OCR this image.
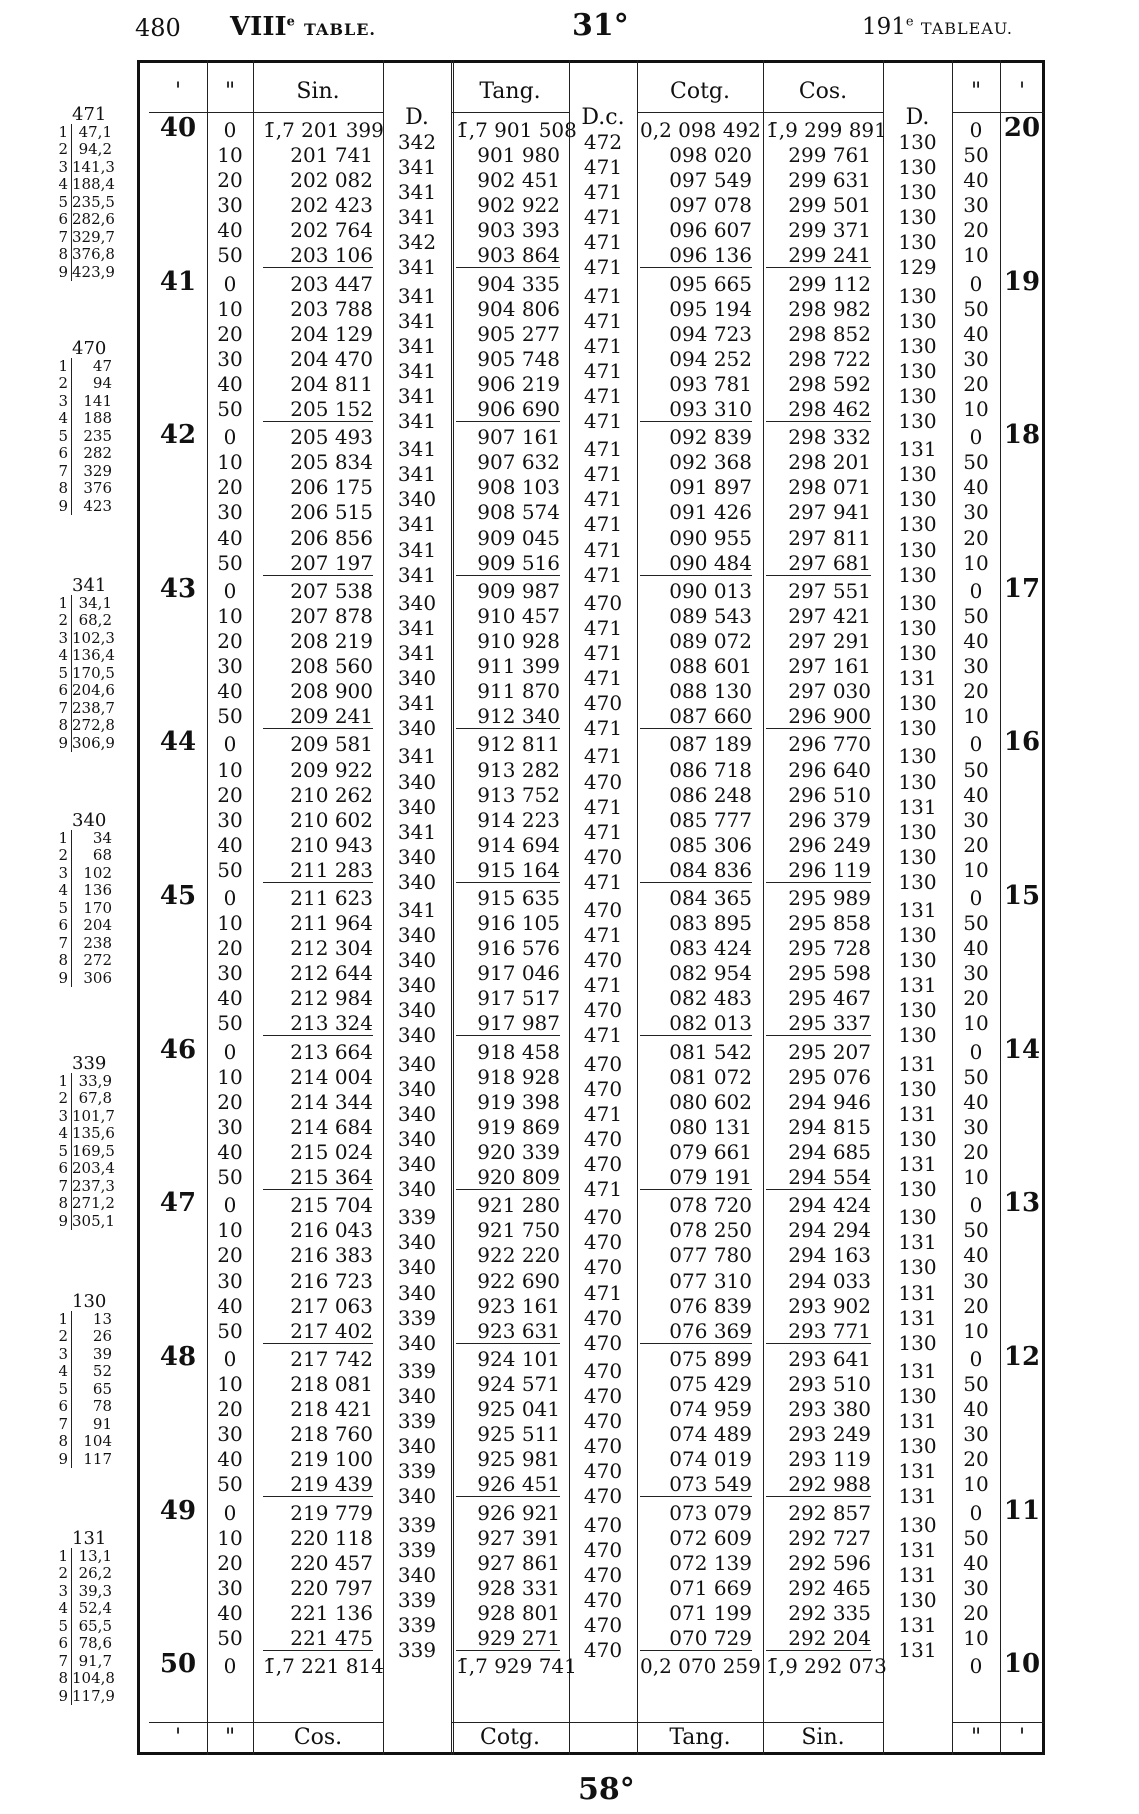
480 VIIIe TABLE.	31°	191e TABLEAU.
'	"	Sin.
D.
Tang.
D.c.
Cotg.	Cos.
D.
"	'
'	"	Cos.	Cotg.	Tang.	Sin.	"	'
40	0	1̄,7 201 399 342 1̄,7 901 508 472 0,2 098 492 1̄,9 299 891 130	0 20
10	201 741	341	901 980	471	098 020	299 761	130	50
20	202 082	341	902 451	471	097 549	299 631	130	40
30	202 423	341	902 922	471	097 078	299 501	130	30
40	202 764	342	903 393	471	096 607	299 371	130	20
50	203 106	341	903 864	471	096 136	299 241	129	10
41	0	203 447	341	904 335	471	095 665	299 112	130	0 19
10	203 788	341	904 806	471	095 194	298 982	130	50
20	204 129	341	905 277	471	094 723	298 852	130	40
30	204 470	341	905 748	471	094 252	298 722	130	30
40	204 811	341	906 219	471	093 781	298 592	130	20
50	205 152	341	906 690	471	093 310	298 462	130	10
42	0	205 493	341	907 161	471	092 839	298 332	131	0 18
10	205 834	341	907 632	471	092 368	298 201	130	50
20	206 175	340	908 103	471	091 897	298 071	130	40
30	206 515	341	908 574	471	091 426	297 941	130	30
40	206 856	341	909 045	471	090 955	297 811	130	20
50	207 197	341	909 516	471	090 484	297 681	130	10
43	0	207 538	340	909 987	470	090 013	297 551	130	0 17
10	207 878	341	910 457	471	089 543	297 421	130	50
20	208 219	341	910 928	471	089 072	297 291	130	40
30	208 560	340	911 399	471	088 601	297 161	131	30
40	208 900	341	911 870	470	088 130	297 030	130	20
50	209 241	340	912 340	471	087 660	296 900	130	10
44	0	209 581	341	912 811	471	087 189	296 770	130	0 16
10	209 922	340	913 282	470	086 718	296 640	130	50
20	210 262	340	913 752	471	086 248	296 510	131	40
30	210 602	341	914 223	471	085 777	296 379	130	30
40	210 943	340	914 694	470	085 306	296 249	130	20
50	211 283	340	915 164	471	084 836	296 119	130	10
45	0	211 623	341	915 635	470	084 365	295 989	131	0 15
10	211 964	340	916 105	471	083 895	295 858	130	50
20	212 304	340	916 576	470	083 424	295 728	130	40
30	212 644	340	917 046	471	082 954	295 598	131	30
40	212 984	340	917 517	470	082 483	295 467	130	20
50	213 324	340	917 987	471	082 013	295 337	130	10
46	0	213 664	340	918 458	470	081 542	295 207	131	0 14
10	214 004	340	918 928	470	081 072	295 076	130	50
20	214 344	340	919 398	471	080 602	294 946	131	40
30	214 684	340	919 869	470	080 131	294 815	130	30
40	215 024	340	920 339	470	079 661	294 685	131	20
50	215 364	340	920 809	471	079 191	294 554	130	10
47	0	215 704	339	921 280	470	078 720	294 424	130	0 13
10	216 043	340	921 750	470	078 250	294 294	131	50
20	216 383	340	922 220	470	077 780	294 163	130	40
30	216 723	340	922 690	471	077 310	294 033	131	30
40	217 063	339	923 161	470	076 839	293 902	131	20
50	217 402	340	923 631	470	076 369	293 771	130	10
48	0	217 742	339	924 101	470	075 899	293 641	131	0 12
10	218 081	340	924 571	470	075 429	293 510	130	50
20	218 421	339	925 041	470	074 959	293 380	131	40
30	218 760	340	925 511	470	074 489	293 249	130	30
40	219 100	339	925 981	470	074 019	293 119	131	20
50	219 439	340	926 451	470	073 549	292 988	131	10
49	0	219 779	339	926 921	470	073 079	292 857	130	0 11
10	220 118	339	927 391	470	072 609	292 727	131	50
20	220 457	340	927 861	470	072 139	292 596	131	40
30	220 797	339	928 331	470	071 669	292 465	130	30
40	221 136	339	928 801	470	071 199	292 335	131	20
50	221 475	339	929 271	470	070 729	292 204	131	10
50	0	1̄,7 221 814	1̄,7 929 741	0,2 070 259 1̄,9 292 073	0 10
471
1 47,1
2 94,2
3 141,3
4 188,4
5 235,5
6 282,6
7 329,7
8 376,8
9 423,9
470
1	47
2	94
3	141
4	188
5	235
6	282
7	329
8	376
9	423
341
1 34,1
2 68,2
3 102,3
4 136,4
5 170,5
6 204,6
7 238,7
8 272,8
9 306,9
340
1	34
2	68
3	102
4	136
5	170
6	204
7	238
8	272
9	306
339
1 33,9
2 67,8
3 101,7
4 135,6
5 169,5
6 203,4
7 237,3
8 271,2
9 305,1
130
1	13
2	26
3	39
4	52
5	65
6	78
7	91
8	104
9	117
131
1 13,1
2 26,2
3 39,3
4 52,4
5 65,5
6 78,6
7 91,7
8 104,8
9 117,9
58°
